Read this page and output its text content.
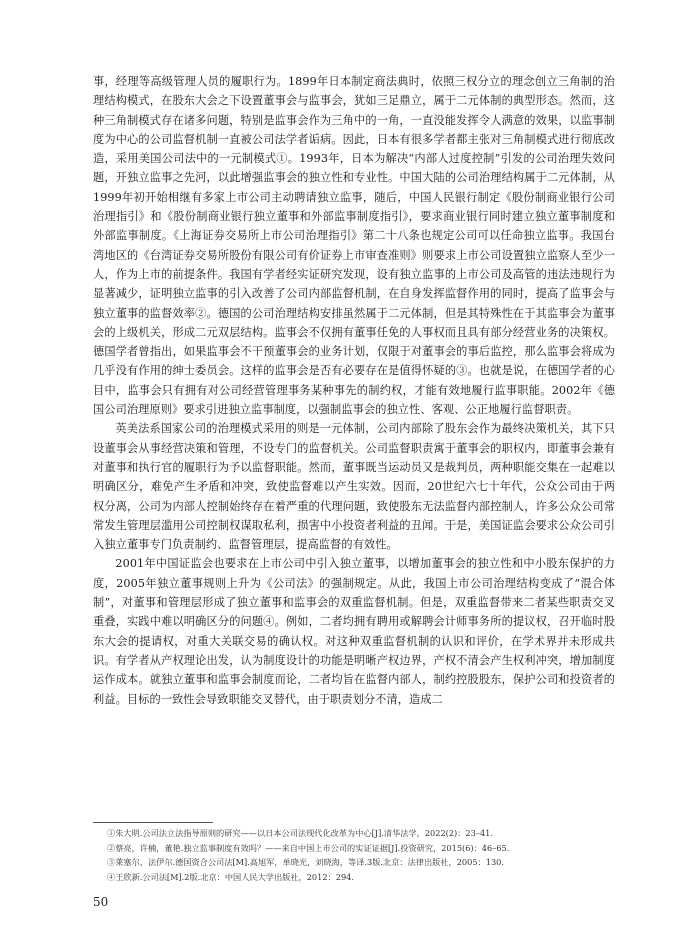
事，经理等高级管理人员的履职行为。1899年日本制定商法典时，依照三权分立的理念创立三角制的治理结构模式，在股东大会之下设置董事会与监事会，犹如三足鼎立，属于二元体制的典型形态。然而，这种三角制模式存在诸多问题，特别是监事会作为三角中的一角，一直没能发挥令人满意的效果，以监事制度为中心的公司监督机制一直被公司法学者诟病。因此，日本有很多学者都主张对三角制模式进行彻底改造，采用美国公司法中的一元制模式①。1993年，日本为解决“内部人过度控制”引发的公司治理失效问题，开独立监事之先河，以此增强监事会的独立性和专业性。中国大陆的公司治理结构属于二元体制，从1999年初开始相继有多家上市公司主动聘请独立监事，随后，中国人民银行制定《股份制商业银行公司治理指引》和《股份制商业银行独立董事和外部监事制度指引》，要求商业银行同时建立独立董事制度和外部监事制度。《上海证券交易所上市公司治理指引》第二十八条也规定公司可以任命独立监事。我国台湾地区的《台湾证券交易所股份有限公司有价证券上市审查准则》则要求上市公司设置独立监察人至少一人，作为上市的前提条件。我国有学者经实证研究发现，设有独立监事的上市公司及高管的违法违规行为显著减少，证明独立监事的引入改善了公司内部监督机制，在自身发挥监督作用的同时，提高了监事会与独立董事的监督效率②。德国的公司治理结构安排虽然属于二元体制，但是其特殊性在于其监事会为董事会的上级机关，形成二元双层结构。监事会不仅拥有董事任免的人事权而且具有部分经营业务的决策权。德国学者曾指出，如果监事会不干预董事会的业务计划，仅限于对董事会的事后监控，那么监事会将成为几乎没有作用的绅士委员会。这样的监事会是否有必要存在是值得怀疑的③。也就是说，在德国学者的心目中，监事会只有拥有对公司经营管理事务某种事先的制约权，才能有效地履行监事职能。2002年《德国公司治理原则》要求引进独立监事制度，以强制监事会的独立性、客观、公正地履行监督职责。

英美法系国家公司的治理模式采用的则是一元体制，公司内部除了股东会作为最终决策机关，其下只设董事会从事经营决策和管理，不设专门的监督机关。公司监督职责寓于董事会的职权内，即董事会兼有对董事和执行官的履职行为予以监督职能。然而，董事既当运动员又是裁判员，两种职能交集在一起难以明确区分，难免产生矛盾和冲突，致使监督难以产生实效。因而，20世纪六七十年代，公众公司由于两权分离，公司为内部人控制始终存在着严重的代理问题，致使股东无法监督内部控制人，许多公众公司常常发生管理层滥用公司控制权谋取私利，损害中小投资者利益的丑闻。于是，美国证监会要求公众公司引入独立董事专门负责制约、监督管理层，提高监督的有效性。

2001年中国证监会也要求在上市公司中引入独立董事，以增加董事会的独立性和中小股东保护的力度，2005年独立董事规则上升为《公司法》的强制规定。从此，我国上市公司治理结构变成了“混合体制”，对董事和管理层形成了独立董事和监事会的双重监督机制。但是，双重监督带来二者某些职责交叉重叠，实践中难以明确区分的问题④。例如，二者均拥有聘用或解聘会计师事务所的提议权，召开临时股东大会的提请权，对重大关联交易的确认权。对这种双重监督机制的认识和评价，在学术界并未形成共识。有学者从产权理论出发，认为制度设计的功能是明晰产权边界，产权不清会产生权利冲突，增加制度运作成本。就独立董事和监事会制度而论，二者均旨在监督内部人，制约控股股东，保护公司和投资者的利益。目标的一致性会导致职能交叉替代，由于职责划分不清，造成二

①朱大明.公司法立法指导原则的研究——以日本公司法现代化改革为中心[J].清华法学，2022(2)：23–41.

②蔡亮，许楠，董艳.独立监事制度有效吗？——来自中国上市公司的实证证据[J].投资研究，2015(6)：46–65.

③莱塞尔，法伊尔.德国资合公司法[M].高旭军，单晓光，刘晓海，等译.3版.北京：法律出版社，2005：130.

④王欣新.公司法[M].2版.北京：中国人民大学出版社，2012：294.

50
